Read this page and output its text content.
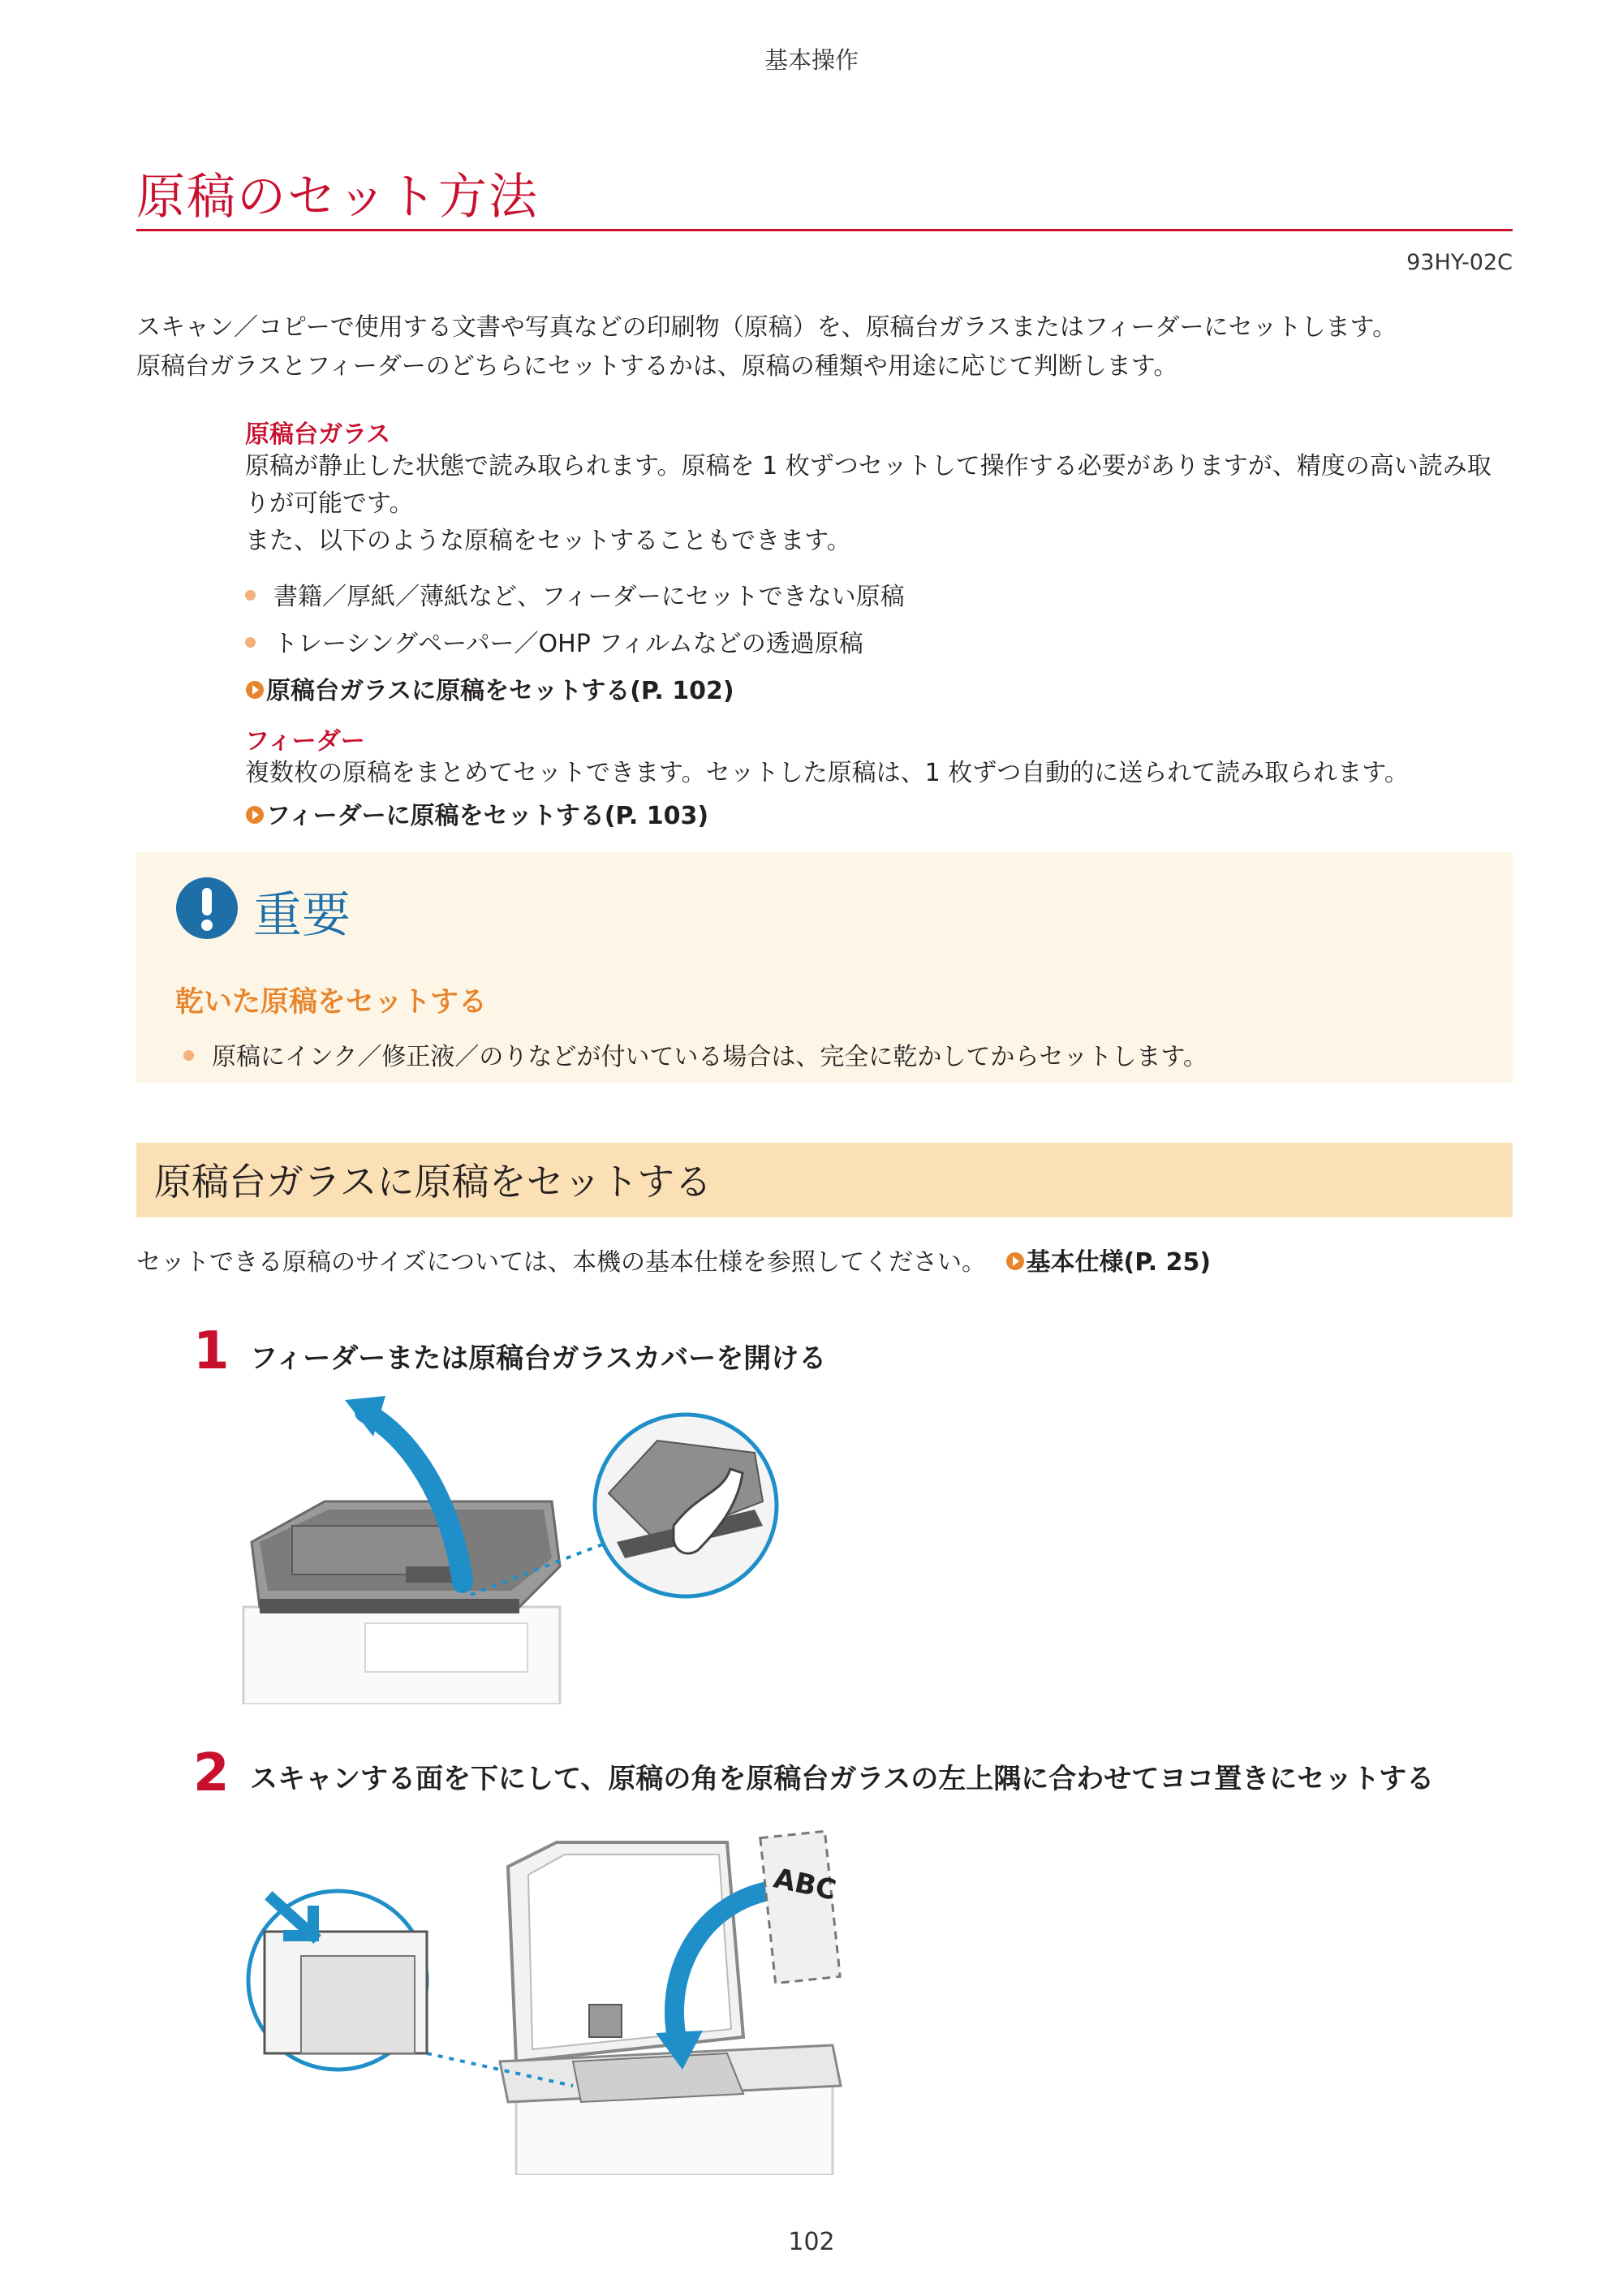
基本操作
原稿のセット方法
93HY-02C
スキャン／コピーで使用する文書や写真などの印刷物（原稿）を、原稿台ガラスまたはフィーダーにセットします。
原稿台ガラスとフィーダーのどちらにセットするかは、原稿の種類や用途に応じて判断します。
原稿台ガラス
原稿が静止した状態で読み取られます。原稿を 1 枚ずつセットして操作する必要がありますが、精度の高い読み取
りが可能です。
また、以下のような原稿をセットすることもできます。
書籍／厚紙／薄紙など、フィーダーにセットできない原稿
トレーシングペーパー／OHP フィルムなどの透過原稿
原稿台ガラスに原稿をセットする(P. 102)
フィーダー
複数枚の原稿をまとめてセットできます。セットした原稿は、1 枚ずつ自動的に送られて読み取られます。
フィーダーに原稿をセットする(P. 103)
重要
乾いた原稿をセットする
原稿にインク／修正液／のりなどが付いている場合は、完全に乾かしてからセットします。
原稿台ガラスに原稿をセットする
セットできる原稿のサイズについては、本機の基本仕様を参照してください。 基本仕様(P. 25)
1 フィーダーまたは原稿台ガラスカバーを開ける
2 スキャンする面を下にして、原稿の角を原稿台ガラスの左上隅に合わせてヨコ置きにセットする
ABC
102
